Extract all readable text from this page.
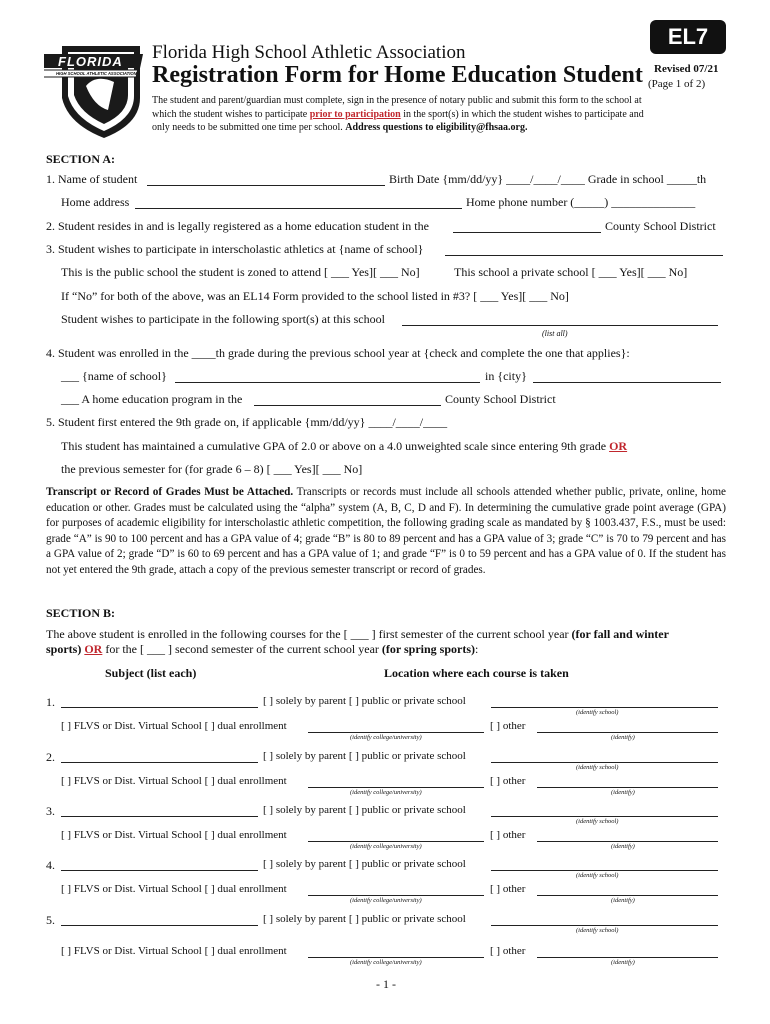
FLORIDA
HIGH SCHOOL ATHLETIC ASSOCIATION
Florida High School Athletic Association
Registration Form for Home Education Student
EL7
Revised 07/21
(Page 1 of 2)
The student and parent/guardian must complete, sign in the presence of notary public and submit this form to the school at
which the student wishes to participate prior to participation in the sport(s) in which the student wishes to participate and
only needs to be submitted one time per school. Address questions to eligibility@fhsaa.org.
SECTION A:
1. Name of student	Birth Date {mm/dd/yy} ____/____/____ Grade in school _____th
Home address	Home phone number (_____) ______________
2. Student resides in and is legally registered as a home education student in the	County School District
3. Student wishes to participate in interscholastic athletics at {name of school}
This is the public school the student is zoned to attend [ ___ Yes][ ___ No]	This school a private school [ ___ Yes][ ___ No]
If “No” for both of the above, was an EL14 Form provided to the school listed in #3? [ ___ Yes][ ___ No]
Student wishes to participate in the following sport(s) at this school
(list all)
4. Student was enrolled in the ____th grade during the previous school year at {check and complete the one that applies}:
___ {name of school}	in {city}
___ A home education program in the	County School District
5. Student first entered the 9th grade on, if applicable {mm/dd/yy} ____/____/____
This student has maintained a cumulative GPA of 2.0 or above on a 4.0 unweighted scale since entering 9th grade OR
the previous semester for (for grade 6 – 8) [ ___ Yes][ ___ No]
Transcript or Record of Grades Must be Attached. Transcripts or records must include all schools attended whether public, private, online, home education or other. Grades must be calculated using the “alpha” system (A, B, C, D and F). In determining the cumulative grade point average (GPA) for purposes of academic eligibility for interscholastic athletic competition, the following grading scale as mandated by § 1003.437, F.S., must be used: grade “A” is 90 to 100 percent and has a GPA value of 4; grade “B” is 80 to 89 percent and has a GPA value of 3; grade “C” is 70 to 79 percent and has a GPA value of 2; grade “D” is 60 to 69 percent and has a GPA value of 1; and grade “F” is 0 to 59 percent and has a GPA value of 0. If the student has not yet entered the 9th grade, attach a copy of the previous semester transcript or record of grades.
SECTION B:
The above student is enrolled in the following courses for the [ ___ ] first semester of the current school year (for fall and winter
sports) OR for the [ ___ ] second semester of the current school year (for spring sports):
Subject (list each)	Location where each course is taken
1.	[ ] solely by parent [ ] public or private school
(identify school)
[ ] FLVS or Dist. Virtual School [ ] dual enrollment
(identify college/university)
[ ] other
(identify)
2.	[ ] solely by parent [ ] public or private school
(identify school)
[ ] FLVS or Dist. Virtual School [ ] dual enrollment
(identify college/university)
[ ] other
(identify)
3.	[ ] solely by parent [ ] public or private school
(identify school)
[ ] FLVS or Dist. Virtual School [ ] dual enrollment
(identify college/university)
[ ] other
(identify)
4.	[ ] solely by parent [ ] public or private school
(identify school)
[ ] FLVS or Dist. Virtual School [ ] dual enrollment
(identify college/university)
[ ] other
(identify)
5.	[ ] solely by parent [ ] public or private school
(identify school)
[ ] FLVS or Dist. Virtual School [ ] dual enrollment
(identify college/university)
[ ] other
(identify)
- 1 -
